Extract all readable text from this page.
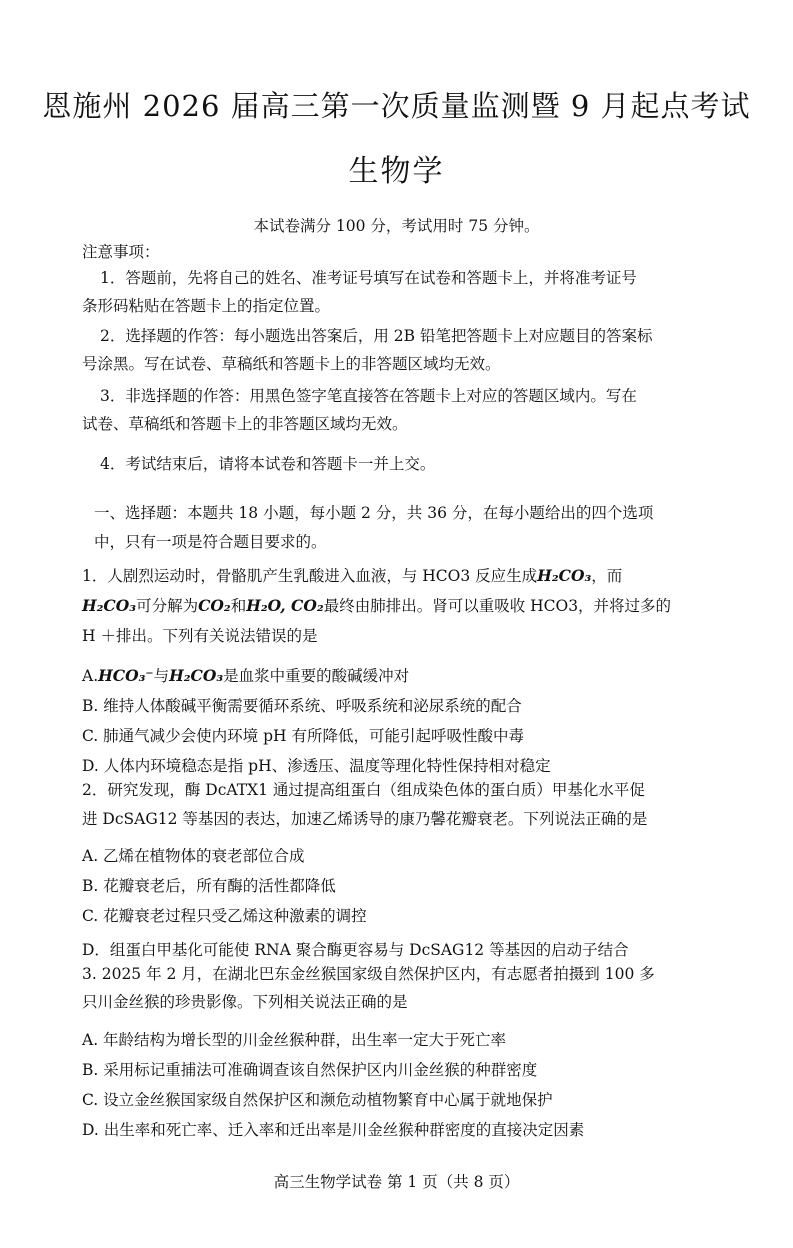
恩施州 2026 届高三第一次质量监测暨 9 月起点考试
生物学
本试卷满分 100 分，考试用时 75 分钟。
注意事项：
1．答题前，先将自己的姓名、准考证号填写在试卷和答题卡上，并将准考证号
条形码粘贴在答题卡上的指定位置。
2．选择题的作答：每小题选出答案后，用 2B 铅笔把答题卡上对应题目的答案标
号涂黑。写在试卷、草稿纸和答题卡上的非答题区域均无效。
3．非选择题的作答：用黑色签字笔直接答在答题卡上对应的答题区域内。写在
试卷、草稿纸和答题卡上的非答题区域均无效。
4．考试结束后，请将本试卷和答题卡一并上交。
一、选择题：本题共 18 小题，每小题 2 分，共 36 分，在每小题给出的四个选项
中，只有一项是符合题目要求的。
1．人剧烈运动时，骨骼肌产生乳酸进入血液，与 HCO3 反应生成H₂CO₃，而
H₂CO₃可分解为CO₂和H₂O, CO₂最终由肺排出。肾可以重吸收 HCO3，并将过多的
H ＋排出。下列有关说法错误的是
A.HCO₃⁻与H₂CO₃是血浆中重要的酸碱缓冲对
B. 维持人体酸碱平衡需要循环系统、呼吸系统和泌尿系统的配合
C. 肺通气减少会使内环境 pH 有所降低，可能引起呼吸性酸中毒
D. 人体内环境稳态是指 pH、渗透压、温度等理化特性保持相对稳定
2．研究发现，酶 DcATX1 通过提高组蛋白（组成染色体的蛋白质）甲基化水平促
进 DcSAG12 等基因的表达，加速乙烯诱导的康乃馨花瓣衰老。下列说法正确的是
A. 乙烯在植物体的衰老部位合成
B. 花瓣衰老后，所有酶的活性都降低
C. 花瓣衰老过程只受乙烯这种激素的调控
D．组蛋白甲基化可能使 RNA 聚合酶更容易与 DcSAG12 等基因的启动子结合
3. 2025 年 2 月，在湖北巴东金丝猴国家级自然保护区内，有志愿者拍摄到 100 多
只川金丝猴的珍贵影像。下列相关说法正确的是
A. 年龄结构为增长型的川金丝猴种群，出生率一定大于死亡率
B. 采用标记重捕法可准确调查该自然保护区内川金丝猴的种群密度
C. 设立金丝猴国家级自然保护区和濒危动植物繁育中心属于就地保护
D. 出生率和死亡率、迁入率和迁出率是川金丝猴种群密度的直接决定因素
高三生物学试卷 第 1 页（共 8 页）
